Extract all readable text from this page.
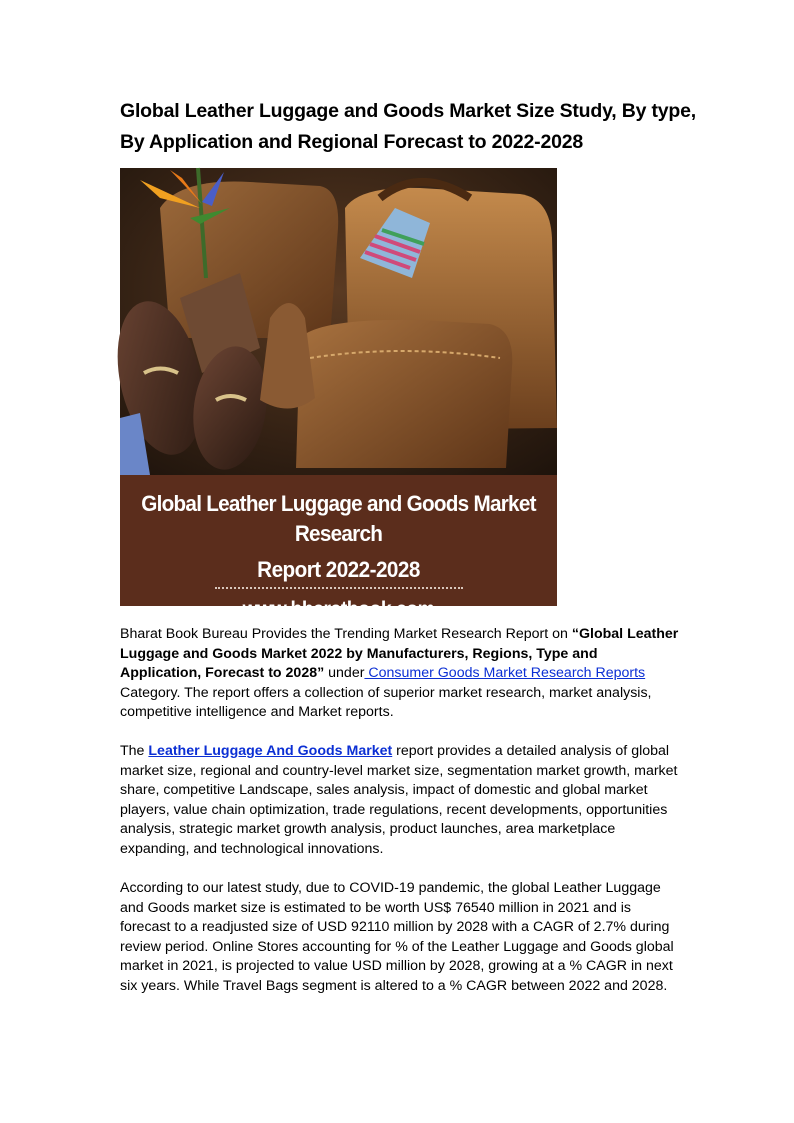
Global Leather Luggage and Goods Market Size Study, By type, By Application and Regional Forecast to 2022-2028
Global Leather Luggage and Goods Market Research
Report 2022-2028
www.bharatbook.com
Bharat Book Bureau Provides the Trending Market Research Report on “Global Leather Luggage and Goods Market 2022 by Manufacturers, Regions, Type and Application, Forecast to 2028” under Consumer Goods Market Research Reports Category. The report offers a collection of superior market research, market analysis, competitive intelligence and Market reports.
The Leather Luggage And Goods Market report provides a detailed analysis of global market size, regional and country-level market size, segmentation market growth, market share, competitive Landscape, sales analysis, impact of domestic and global market players, value chain optimization, trade regulations, recent developments, opportunities analysis, strategic market growth analysis, product launches, area marketplace expanding, and technological innovations.
According to our latest study, due to COVID-19 pandemic, the global Leather Luggage and Goods market size is estimated to be worth US$ 76540 million in 2021 and is forecast to a readjusted size of USD 92110 million by 2028 with a CAGR of 2.7% during review period. Online Stores accounting for % of the Leather Luggage and Goods global market in 2021, is projected to value USD million by 2028, growing at a % CAGR in next six years. While Travel Bags segment is altered to a % CAGR between 2022 and 2028.
